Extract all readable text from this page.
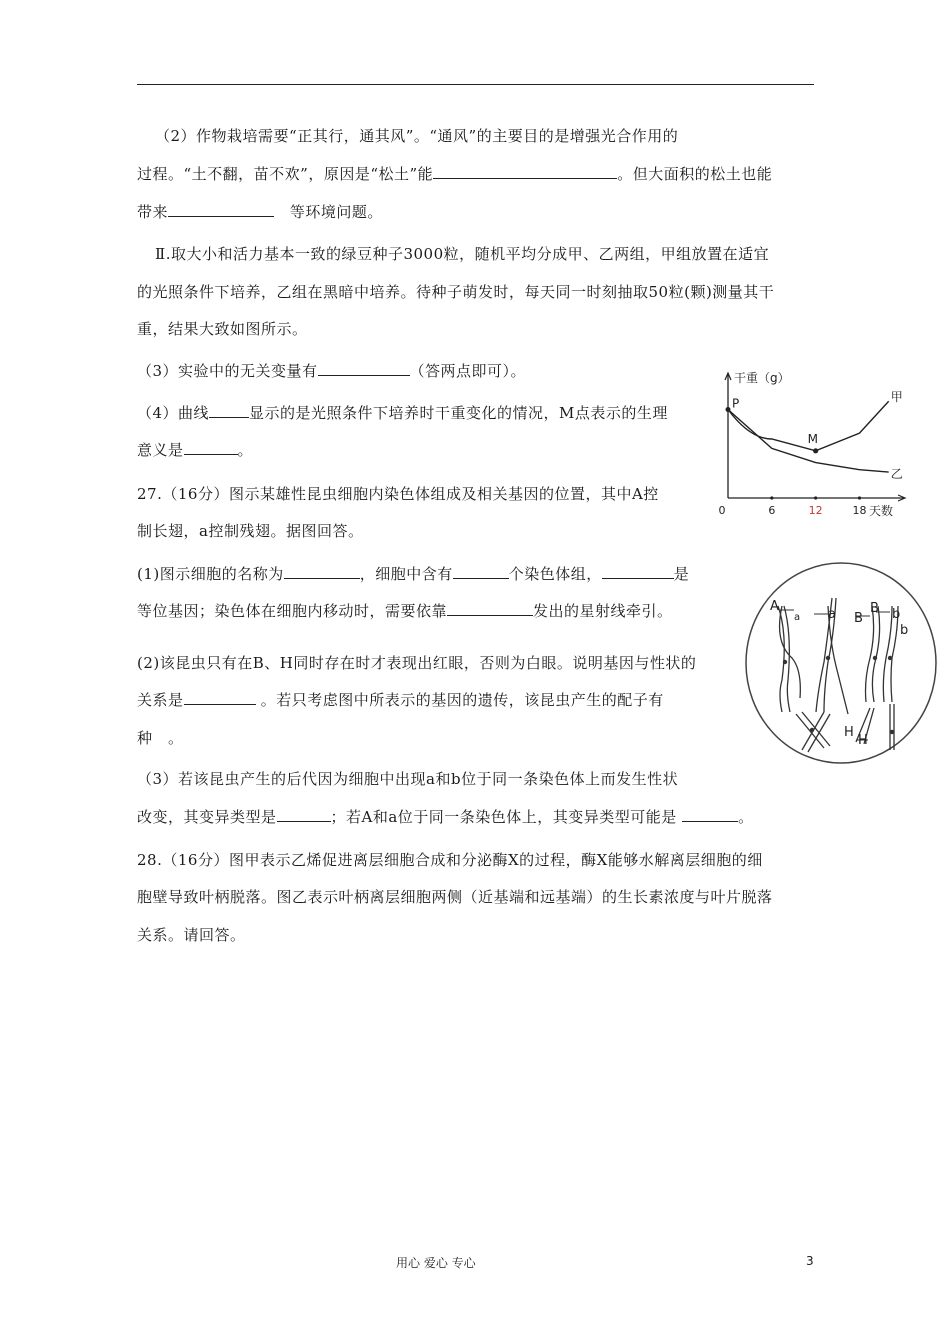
（2）作物栽培需要“正其行，通其风”。“通风”的主要目的是增强光合作用的
过程。“土不翻，苗不欢”，原因是“松土”能	。但大面积的松土也能
带来	等环境问题。
Ⅱ.取大小和活力基本一致的绿豆种子3000粒，随机平均分成甲、乙两组，甲组放置在适宜
的光照条件下培养，乙组在黑暗中培养。待种子萌发时，每天同一时刻抽取50粒(颗)测量其干
重，结果大致如图所示。
（3）实验中的无关变量有	（答两点即可）。
（4）曲线	显示的是光照条件下培养时干重变化的情况，M点表示的生理
意义是	。
27.（16分）图示某雄性昆虫细胞内染色体组成及相关基因的位置，其中A控
制长翅，a控制残翅。据图回答。
(1)图示细胞的名称为	，细胞中含有	个染色体组，	是
等位基因；染色体在细胞内移动时，需要依靠	发出的星射线牵引。
(2)该昆虫只有在B、H同时存在时才表现出红眼，否则为白眼。说明基因与性状的
关系是	。若只考虑图中所表示的基因的遗传，该昆虫产生的配子有
种　。
（3）若该昆虫产生的后代因为细胞中出现a和b位于同一条染色体上而发生性状
改变，其变异类型是	；若A和a位于同一条染色体上，其变异类型可能是	。
28.（16分）图甲表示乙烯促进离层细胞合成和分泌酶X的过程，酶X能够水解离层细胞的细
胞壁导致叶柄脱落。图乙表示叶柄离层细胞两侧（近基端和远基端）的生长素浓度与叶片脱落
关系。请回答。
干重（g）
天数
0	6	12	18
甲
乙
P
M
A
a a B
B b
b
H
H
用心 爱心 专心	3
